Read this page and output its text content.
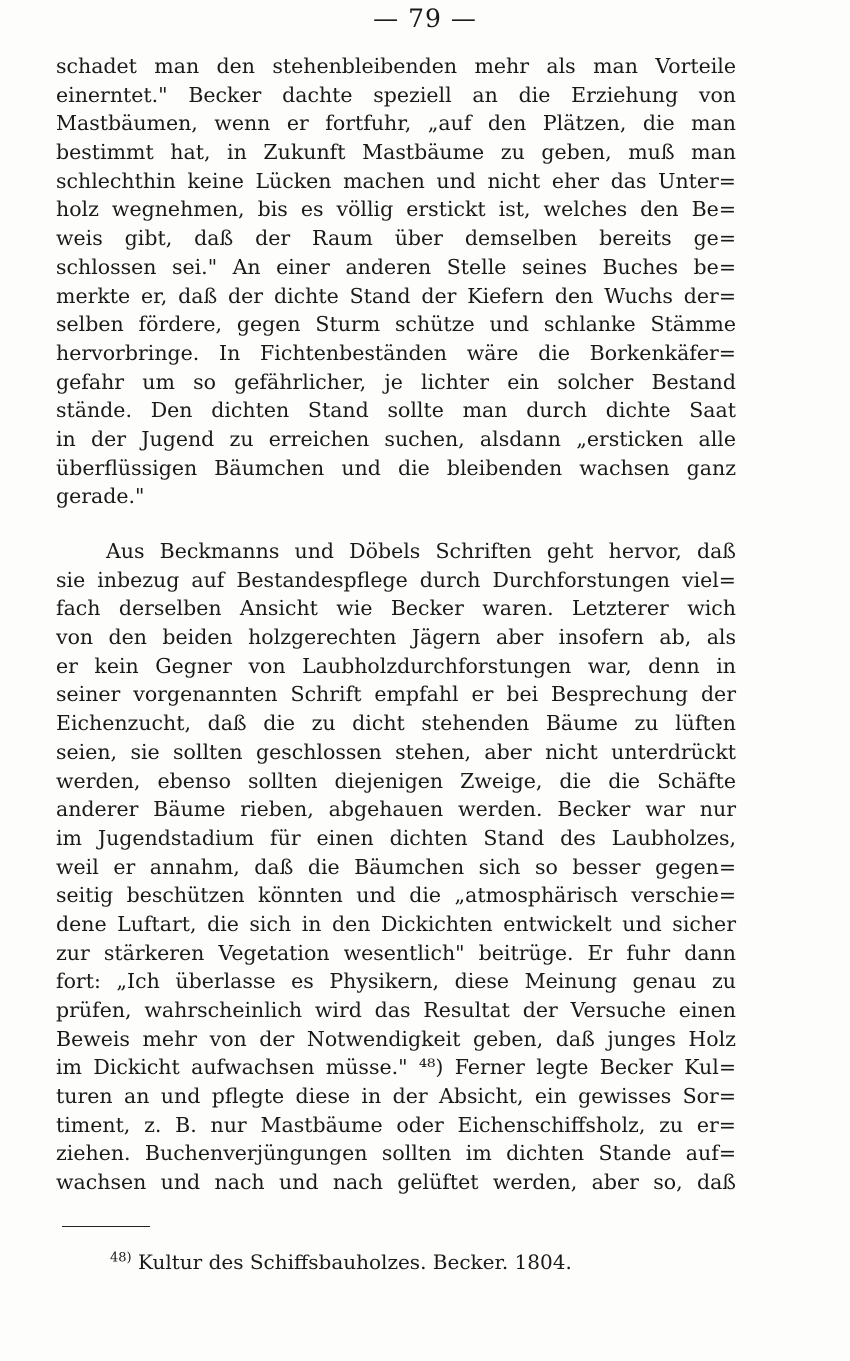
— 79 —
schadet man den stehenbleibenden mehr als man Vorteile
einerntet." Becker dachte speziell an die Erziehung von
Mastbäumen, wenn er fortfuhr, „auf den Plätzen, die man
bestimmt hat, in Zukunft Mastbäume zu geben, muß man
schlechthin keine Lücken machen und nicht eher das Unter=
holz wegnehmen, bis es völlig erstickt ist, welches den Be=
weis gibt, daß der Raum über demselben bereits ge=
schlossen sei." An einer anderen Stelle seines Buches be=
merkte er, daß der dichte Stand der Kiefern den Wuchs der=
selben fördere, gegen Sturm schütze und schlanke Stämme
hervorbringe. In Fichtenbeständen wäre die Borkenkäfer=
gefahr um so gefährlicher, je lichter ein solcher Bestand
stände. Den dichten Stand sollte man durch dichte Saat
in der Jugend zu erreichen suchen, alsdann „ersticken alle
überflüssigen Bäumchen und die bleibenden wachsen ganz
gerade."
Aus Beckmanns und Döbels Schriften geht hervor, daß
sie inbezug auf Bestandespflege durch Durchforstungen viel=
fach derselben Ansicht wie Becker waren. Letzterer wich
von den beiden holzgerechten Jägern aber insofern ab, als
er kein Gegner von Laubholzdurchforstungen war, denn in
seiner vorgenannten Schrift empfahl er bei Besprechung der
Eichenzucht, daß die zu dicht stehenden Bäume zu lüften
seien, sie sollten geschlossen stehen, aber nicht unterdrückt
werden, ebenso sollten diejenigen Zweige, die die Schäfte
anderer Bäume rieben, abgehauen werden. Becker war nur
im Jugendstadium für einen dichten Stand des Laubholzes,
weil er annahm, daß die Bäumchen sich so besser gegen=
seitig beschützen könnten und die „atmosphärisch verschie=
dene Luftart, die sich in den Dickichten entwickelt und sicher
zur stärkeren Vegetation wesentlich" beitrüge. Er fuhr dann
fort: „Ich überlasse es Physikern, diese Meinung genau zu
prüfen, wahrscheinlich wird das Resultat der Versuche einen
Beweis mehr von der Notwendigkeit geben, daß junges Holz
im Dickicht aufwachsen müsse." ⁴⁸) Ferner legte Becker Kul=
turen an und pflegte diese in der Absicht, ein gewisses Sor=
timent, z. B. nur Mastbäume oder Eichenschiffsholz, zu er=
ziehen. Buchenverjüngungen sollten im dichten Stande auf=
wachsen und nach und nach gelüftet werden, aber so, daß
$^{48)}$ Kultur des Schiffsbauholzes. Becker. 1804.
